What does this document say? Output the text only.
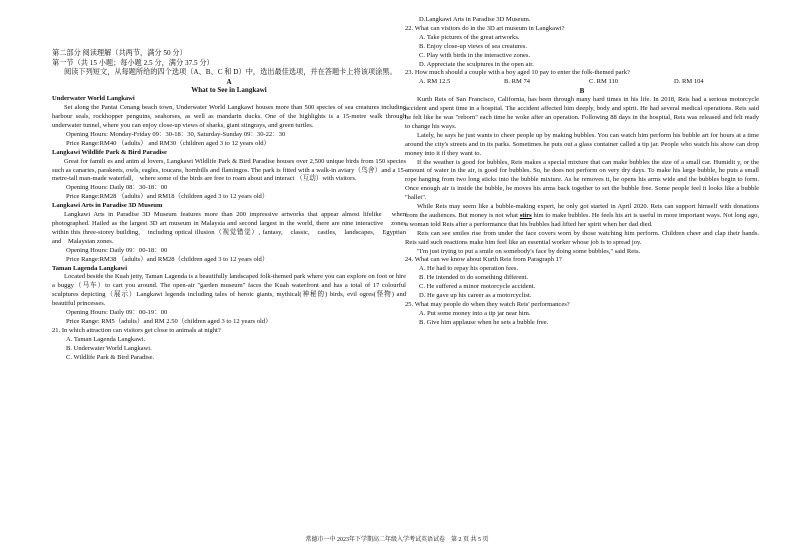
第二部分 阅读理解（共两节，满分 50 分）

第一节（共 15 小题；每小题 2.5 分，满分 37.5 分）

阅读下列短文，从每题所给的四个选项（A、B、C 和 D）中，选出最佳选项，并在答题卡上将该项涂黑。

A

What to See in Langkawi

Underwater World Langkawi

Set along the Pantai Cenang beach town, Underwater World Langkawi houses more than 500 species of sea creatures including harbour seals, rockhopper penguins, seahorses, as well as mandarin ducks. One of the highlights is a 15-metre walk through underwater tunnel, where you can enjoy close-up views of sharks, giant stingrays, and green turtles.

Opening Hours: Monday-Friday 09：30-18：30, Saturday-Sunday 09：30-22：30

Price Range:RM40 （adults） and RM30（children aged 3 to 12 years old）

Langkawi Wildlife Park & Bird Paradise

Great for famili es and anim al lovers, Langkawi Wildlife Park & Bird Paradise houses over 2,500 unique birds from 150 species such as canaries, parakeets, owls, eagles, toucans, hornbills and flamingos. The park is fitted with a walk-in aviary（鸟舍）and a 15-metre-tall man-made waterfall,　where some of the birds are free to roam about and interact （互动）with visitors.

Opening Hours: Daily 08：30-18：00

Price Range:RM28 （adults）and RM18（children aged 3 to 12 years old）

Langkawi Arts in Paradise 3D Museum

Langkawi Arts in Paradise 3D Museum features more than 200 impressive artworks that appear almost lifelike　when photographed. Hailed as the largest 3D art museum in Malaysia and second largest in the world, there are nine interactive　zones within this three-storey building,　including optical illusion（视觉错觉）, fantasy,　classic,　castles,　landscapes,　Egyptian　and　Malaysian zones.

Opening Hours: Daily 09：00-18：00

Price Range:RM38 （adults）and RM28（children aged 3 to 12 years old）

Taman Lagenda Langkawi

Located beside the Kuah jetty, Taman Lagenda is a beautifully landscaped folk-themed park where you can explore on foot or hire a buggy（马车）to cart you around. The open-air "garden museum" faces the Kuah waterfront and has a total of 17 colourful sculptures depicting（展示）Langkawi legends including tales of heroic giants, mythical(神秘的) birds, evil ogres(怪物) and beautiful princesses.

Opening Hours: Daily 09：00-19：00

Price Range: RM5（adults）and RM 2.50（children aged 3 to 12 years old）

21. In which attraction can visitors get close to animals at night?

A. Taman Lagenda Langkawi.

B. Underwater World Langkawi.

C. Wildlife Park & Bird Paradise.

D.Langkawi Arts in Paradise 3D Museum.

22. What can visitors do in the 3D art museum in Langkawi?

A. Take pictures of the great artworks.

B. Enjoy close-up views of sea creatures.

C. Play with birds in the interactive zones.

D. Appreciate the sculptures in the open air.

23. How much should a couple with a boy aged 10 pay to enter the folk-themed park?

A. RM 12.5	B. RM 74	C. RM 110	D. RM 104

B

Kurth Reis of San Francisco, California, has been through many hard times in his life. In 2018, Reis had a serious motorcycle accident and spent time in a hospital. The accident affected him deeply, body and spirit. He had several medical operations. Reis said he felt like he was "reborn" each time he woke after an operation. Following 88 days in the hospital, Reis was released and felt ready to change his ways.

Lately, he says he just wants to cheer people up by making bubbles. You can watch him perform his bubble art for hours at a time around the city's streets and in its parks. Sometimes he puts out a glass container called a tip jar. People who watch his show can drop money into it if they want to.

If the weather is good for bubbles, Reis makes a special mixture that can make bubbles the size of a small car. Humidit y, or the amount of water in the air, is good for bubbles. So, he does not perform on very dry days. To make his large bubble, he puts a small rope hanging from two long sticks into the bubble mixture. As he removes it, he opens his arms wide and the bubbles begin to form. Once enough air is inside the bubble, he moves his arms back together to set the bubble free. Some people feel it looks like a bubble "ballet".

While Reis may seem like a bubble-making expert, he only got started in April 2020. Reis can support himself with donations from the audiences. But money is not what stirs him to make bubbles. He feels his art is useful in more important ways. Not long ago, a woman told Reis after a performance that his bubbles had lifted her spirit when her dad died.

Reis can see smiles rise from under the face covers worn by those watching him perform. Children cheer and clap their hands. Reis said such reactions make him feel like an essential worker whose job is to spread joy.

"I'm just trying to put a smile on somebody's face by doing some bubbles," said Reis.

24. What can we know about Kurth Reis from Paragraph 1?

A. He had to repay his operation fees.

B. He intended to do something different.

C. He suffered a minor motorcycle accident.

D. He gave up his career as a motorcyclist.

25. What may people do when they watch Reis' performances?

A. Put some money into a tip jar near him.

B. Give him applause when he sets a bubble free.

常德市一中 2023年下学期高二年级入学考试英语试卷　第 2 页 共 5 页
